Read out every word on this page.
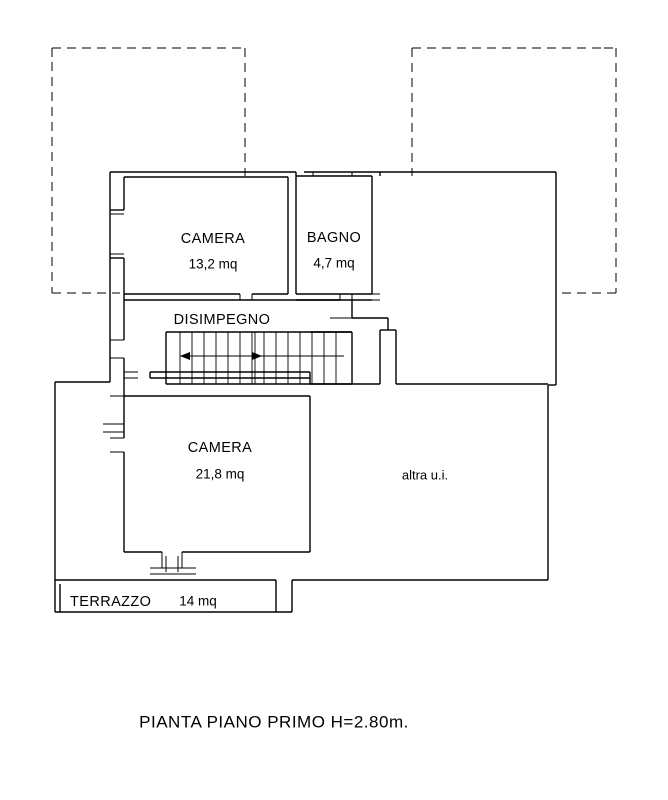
CAMERA
13,2 mq
BAGNO
4,7 mq
DISIMPEGNO
CAMERA
21,8 mq
TERRAZZO 14 mq
altra u.i.
PIANTA PIANO PRIMO H=2.80m.
